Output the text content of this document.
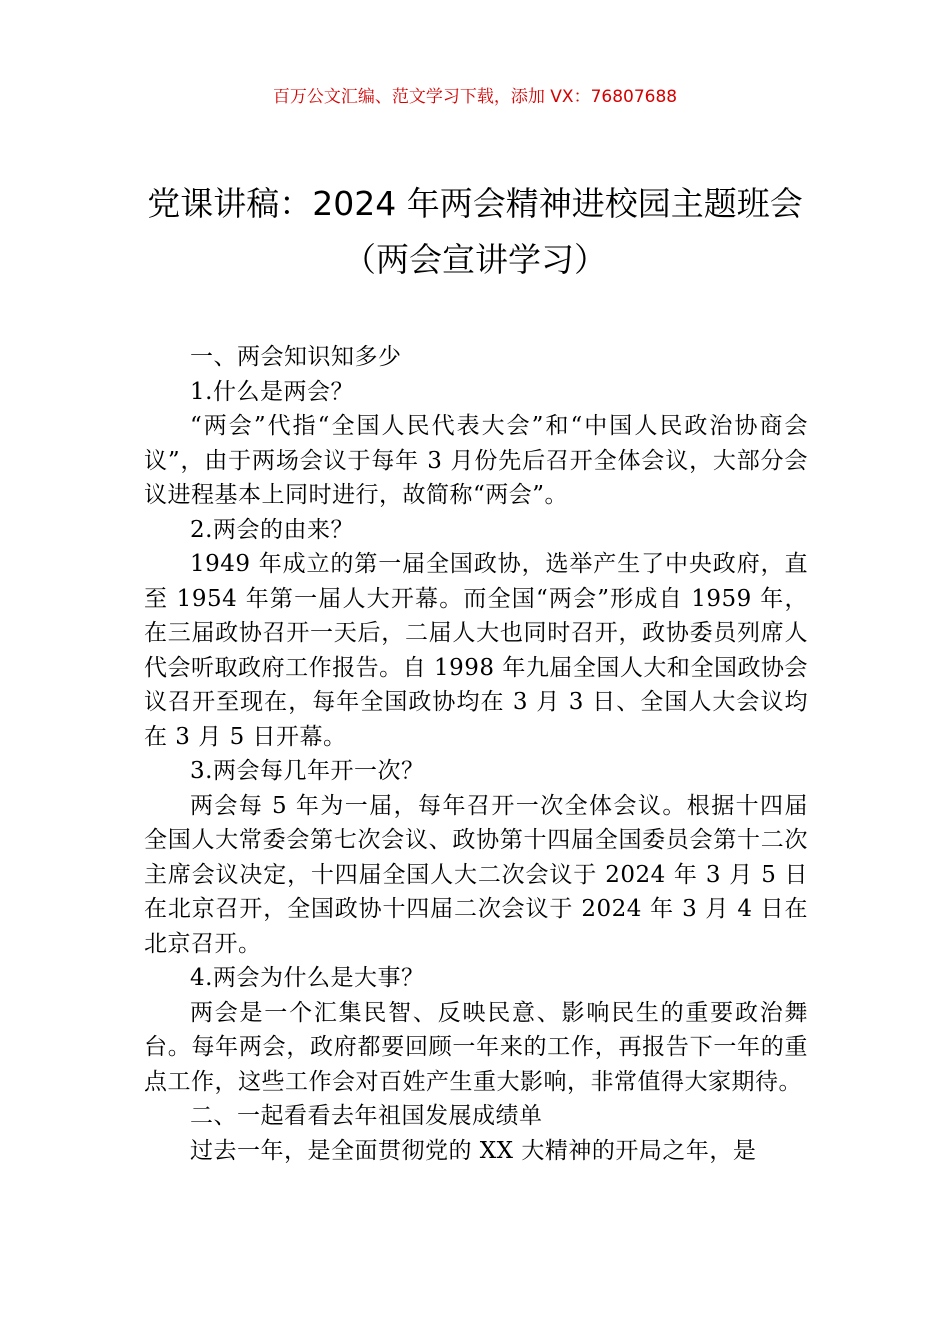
百万公文汇编、范文学习下载，添加 VX：76807688
党课讲稿：2024 年两会精神进校园主题班会（两会宣讲学习）

一、两会知识知多少

1.什么是两会？

“两会”代指“全国人民代表大会”和“中国人民政治协商会议”，由于两场会议于每年 3 月份先后召开全体会议，大部分会议进程基本上同时进行，故简称“两会”。

2.两会的由来？

1949 年成立的第一届全国政协，选举产生了中央政府，直至 1954 年第一届人大开幕。而全国“两会”形成自 1959 年，在三届政协召开一天后，二届人大也同时召开，政协委员列席人代会听取政府工作报告。自 1998 年九届全国人大和全国政协会议召开至现在，每年全国政协均在 3 月 3 日、全国人大会议均在 3 月 5 日开幕。

3.两会每几年开一次？

两会每 5 年为一届，每年召开一次全体会议。根据十四届全国人大常委会第七次会议、政协第十四届全国委员会第十二次主席会议决定，十四届全国人大二次会议于 2024 年 3 月 5 日在北京召开，全国政协十四届二次会议于 2024 年 3 月 4 日在北京召开。

4.两会为什么是大事？

两会是一个汇集民智、反映民意、影响民生的重要政治舞台。每年两会，政府都要回顾一年来的工作，再报告下一年的重点工作，这些工作会对百姓产生重大影响，非常值得大家期待。

二、一起看看去年祖国发展成绩单

过去一年，是全面贯彻党的 XX 大精神的开局之年，是
